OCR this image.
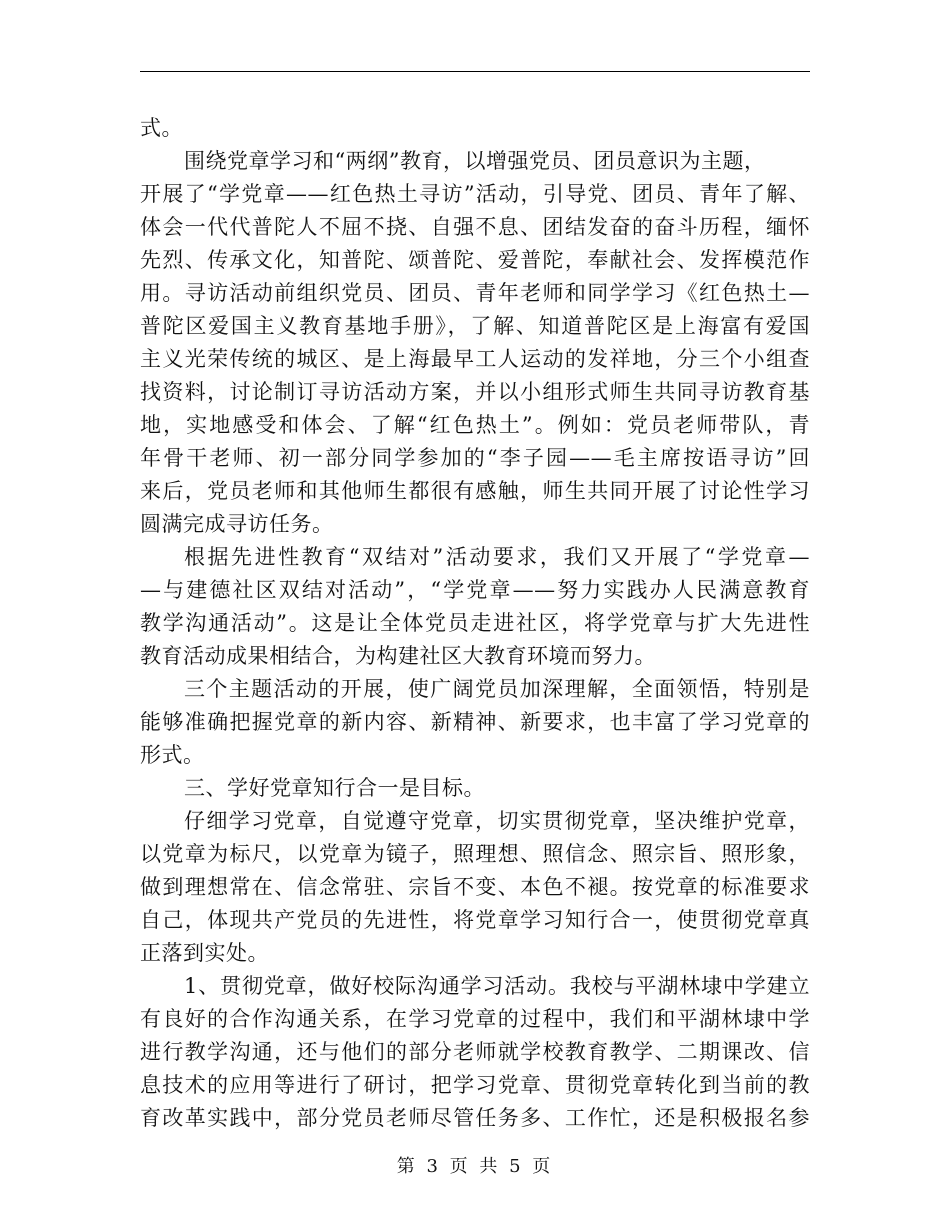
式。
围绕党章学习和“两纲”教育，以增强党员、团员意识为主题，
开展了“学党章——红色热土寻访”活动，引导党、团员、青年了解、
体会一代代普陀人不屈不挠、自强不息、团结发奋的奋斗历程，缅怀
先烈、传承文化，知普陀、颂普陀、爱普陀，奉献社会、发挥模范作
用。寻访活动前组织党员、团员、青年老师和同学学习《红色热土—
普陀区爱国主义教育基地手册》，了解、知道普陀区是上海富有爱国
主义光荣传统的城区、是上海最早工人运动的发祥地，分三个小组查
找资料，讨论制订寻访活动方案，并以小组形式师生共同寻访教育基
地，实地感受和体会、了解“红色热土”。例如：党员老师带队，青
年骨干老师、初一部分同学参加的“李子园——毛主席按语寻访”回
来后，党员老师和其他师生都很有感触，师生共同开展了讨论性学习
圆满完成寻访任务。
根据先进性教育“双结对”活动要求，我们又开展了“学党章—
—与建德社区双结对活动”，“学党章——努力实践办人民满意教育
教学沟通活动”。这是让全体党员走进社区，将学党章与扩大先进性
教育活动成果相结合，为构建社区大教育环境而努力。
三个主题活动的开展，使广阔党员加深理解，全面领悟，特别是
能够准确把握党章的新内容、新精神、新要求，也丰富了学习党章的
形式。
三、学好党章知行合一是目标。
仔细学习党章，自觉遵守党章，切实贯彻党章，坚决维护党章，
以党章为标尺，以党章为镜子，照理想、照信念、照宗旨、照形象，
做到理想常在、信念常驻、宗旨不变、本色不褪。按党章的标准要求
自己，体现共产党员的先进性，将党章学习知行合一，使贯彻党章真
正落到实处。
1、贯彻党章，做好校际沟通学习活动。我校与平湖林埭中学建立
有良好的合作沟通关系，在学习党章的过程中，我们和平湖林埭中学
进行教学沟通，还与他们的部分老师就学校教育教学、二期课改、信
息技术的应用等进行了研讨，把学习党章、贯彻党章转化到当前的教
育改革实践中，部分党员老师尽管任务多、工作忙，还是积极报名参
第 3 页 共 5 页
